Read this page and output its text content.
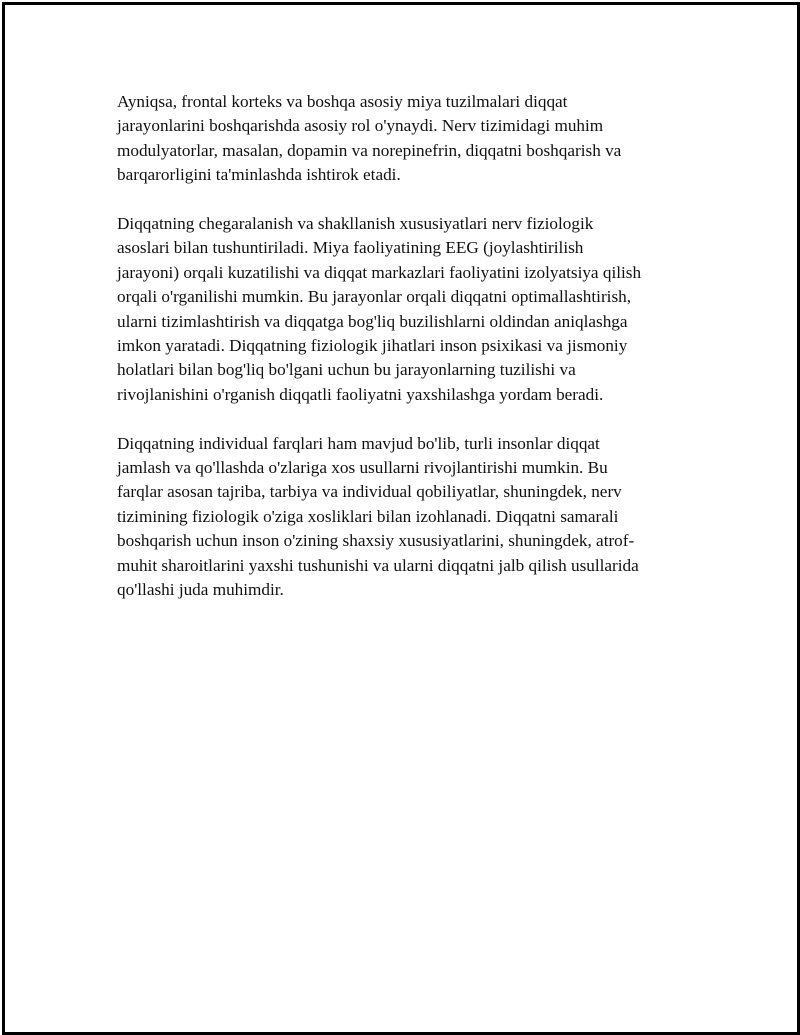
Ayniqsa, frontal korteks va boshqa asosiy miya tuzilmalari diqqat
jarayonlarini boshqarishda asosiy rol o'ynaydi. Nerv tizimidagi muhim
modulyatorlar, masalan, dopamin va norepinefrin, diqqatni boshqarish va
barqarorligini ta'minlashda ishtirok etadi.

Diqqatning chegaralanish va shakllanish xususiyatlari nerv fiziologik
asoslari bilan tushuntiriladi. Miya faoliyatining EEG (joylashtirilish
jarayoni) orqali kuzatilishi va diqqat markazlari faoliyatini izolyatsiya qilish
orqali o'rganilishi mumkin. Bu jarayonlar orqali diqqatni optimallashtirish,
ularni tizimlashtirish va diqqatga bog'liq buzilishlarni oldindan aniqlashga
imkon yaratadi. Diqqatning fiziologik jihatlari inson psixikasi va jismoniy
holatlari bilan bog'liq bo'lgani uchun bu jarayonlarning tuzilishi va
rivojlanishini o'rganish diqqatli faoliyatni yaxshilashga yordam beradi.

Diqqatning individual farqlari ham mavjud bo'lib, turli insonlar diqqat
jamlash va qo'llashda o'zlariga xos usullarni rivojlantirishi mumkin. Bu
farqlar asosan tajriba, tarbiya va individual qobiliyatlar, shuningdek, nerv
tizimining fiziologik o'ziga xosliklari bilan izohlanadi. Diqqatni samarali
boshqarish uchun inson o'zining shaxsiy xususiyatlarini, shuningdek, atrof-
muhit sharoitlarini yaxshi tushunishi va ularni diqqatni jalb qilish usullarida
qo'llashi juda muhimdir.
